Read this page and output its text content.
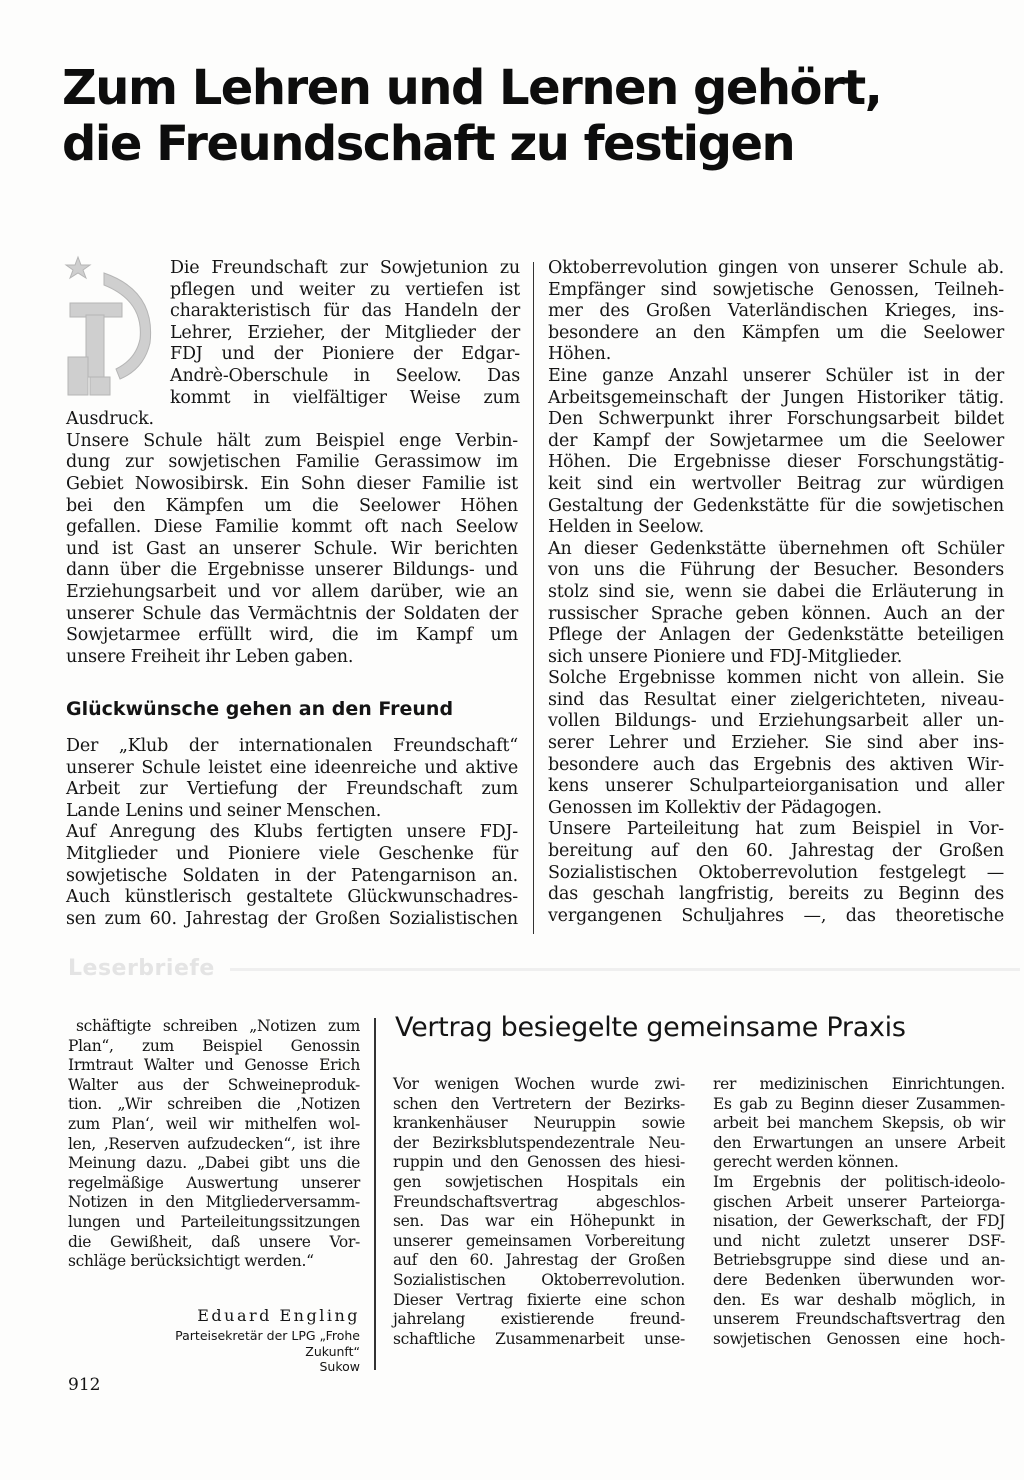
Zum Lehren und Lernen gehört,
die Freundschaft zu festigen

Die Freundschaft zur Sowjetunion zu

pflegen und weiter zu vertiefen ist

charakteristisch für das Handeln der

Lehrer, Erzieher, der Mitglieder der

FDJ und der Pioniere der Edgar-

Andrè-Oberschule in Seelow. Das

kommt in vielfältiger Weise zum

Ausdruck.

Unsere Schule hält zum Beispiel enge Verbin-

dung zur sowjetischen Familie Gerassimow im

Gebiet Nowosibirsk. Ein Sohn dieser Familie ist

bei den Kämpfen um die Seelower Höhen

gefallen. Diese Familie kommt oft nach Seelow

und ist Gast an unserer Schule. Wir berichten

dann über die Ergebnisse unserer Bildungs- und

Erziehungsarbeit und vor allem darüber, wie an

unserer Schule das Vermächtnis der Soldaten der

Sowjetarmee erfüllt wird, die im Kampf um

unsere Freiheit ihr Leben gaben.

Glückwünsche gehen an den Freund

Der „Klub der internationalen Freundschaft“

unserer Schule leistet eine ideenreiche und aktive

Arbeit zur Vertiefung der Freundschaft zum

Lande Lenins und seiner Menschen.

Auf Anregung des Klubs fertigten unsere FDJ-

Mitglieder und Pioniere viele Geschenke für

sowjetische Soldaten in der Patengarnison an.

Auch künstlerisch gestaltete Glückwunschadres-

sen zum 60. Jahrestag der Großen Sozialistischen

Oktoberrevolution gingen von unserer Schule ab.

Empfänger sind sowjetische Genossen, Teilneh-

mer des Großen Vaterländischen Krieges, ins-

besondere an den Kämpfen um die Seelower

Höhen.

Eine ganze Anzahl unserer Schüler ist in der

Arbeitsgemeinschaft der Jungen Historiker tätig.

Den Schwerpunkt ihrer Forschungsarbeit bildet

der Kampf der Sowjetarmee um die Seelower

Höhen. Die Ergebnisse dieser Forschungstätig-

keit sind ein wertvoller Beitrag zur würdigen

Gestaltung der Gedenkstätte für die sowjetischen

Helden in Seelow.

An dieser Gedenkstätte übernehmen oft Schüler

von uns die Führung der Besucher. Besonders

stolz sind sie, wenn sie dabei die Erläuterung in

russischer Sprache geben können. Auch an der

Pflege der Anlagen der Gedenkstätte beteiligen

sich unsere Pioniere und FDJ-Mitglieder.

Solche Ergebnisse kommen nicht von allein. Sie

sind das Resultat einer zielgerichteten, niveau-

vollen Bildungs- und Erziehungsarbeit aller un-

serer Lehrer und Erzieher. Sie sind aber ins-

besondere auch das Ergebnis des aktiven Wir-

kens unserer Schulparteiorganisation und aller

Genossen im Kollektiv der Pädagogen.

Unsere Parteileitung hat zum Beispiel in Vor-

bereitung auf den 60. Jahrestag der Großen

Sozialistischen Oktoberrevolution festgelegt —

das geschah langfristig, bereits zu Beginn des

vergangenen Schuljahres —, das theoretische

Leserbriefe

schäftigte schreiben „Notizen zum

Plan“, zum Beispiel Genossin

Irmtraut Walter und Genosse Erich

Walter aus der Schweineproduk-

tion. „Wir schreiben die ‚Notizen

zum Plan‘, weil wir mithelfen wol-

len, ‚Reserven aufzudecken“, ist ihre

Meinung dazu. „Dabei gibt uns die

regelmäßige Auswertung unserer

Notizen in den Mitgliederversamm-

lungen und Parteileitungssitzungen

die Gewißheit, daß unsere Vor-

schläge berücksichtigt werden.“

Eduard Engling

Parteisekretär der LPG „Frohe
Zukunft“
Sukow
Vertrag besiegelte gemeinsame Praxis

Vor wenigen Wochen wurde zwi-

schen den Vertretern der Bezirks-

krankenhäuser Neuruppin sowie

der Bezirksblutspendezentrale Neu-

ruppin und den Genossen des hiesi-

gen sowjetischen Hospitals ein

Freundschaftsvertrag abgeschlos-

sen. Das war ein Höhepunkt in

unserer gemeinsamen Vorbereitung

auf den 60. Jahrestag der Großen

Sozialistischen Oktoberrevolution.

Dieser Vertrag fixierte eine schon

jahrelang existierende freund-

schaftliche Zusammenarbeit unse-

rer medizinischen Einrichtungen.

Es gab zu Beginn dieser Zusammen-

arbeit bei manchem Skepsis, ob wir

den Erwartungen an unsere Arbeit

gerecht werden können.

Im Ergebnis der politisch-ideolo-

gischen Arbeit unserer Parteiorga-

nisation, der Gewerkschaft, der FDJ

und nicht zuletzt unserer DSF-

Betriebsgruppe sind diese und an-

dere Bedenken überwunden wor-

den. Es war deshalb möglich, in

unserem Freundschaftsvertrag den

sowjetischen Genossen eine hoch-

912
